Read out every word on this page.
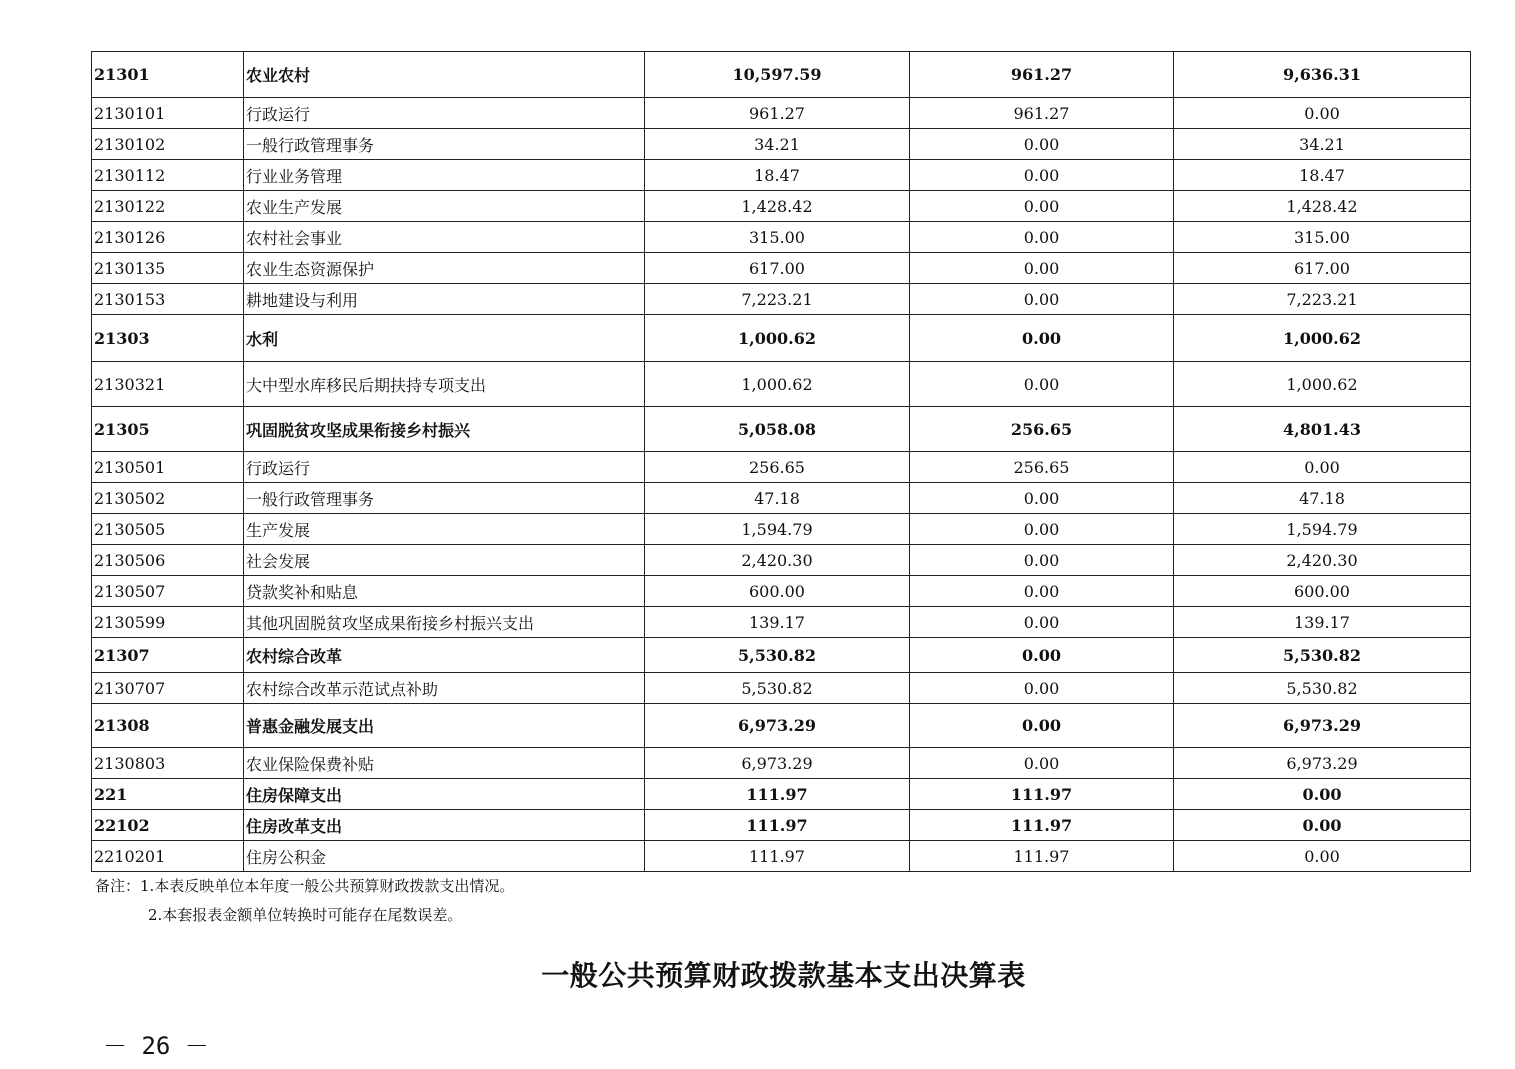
21301	农业农村	10,597.59	961.27	9,636.31
2130101	行政运行	961.27	961.27	0.00
2130102	一般行政管理事务	34.21	0.00	34.21
2130112	行业业务管理	18.47	0.00	18.47
2130122	农业生产发展	1,428.42	0.00	1,428.42
2130126	农村社会事业	315.00	0.00	315.00
2130135	农业生态资源保护	617.00	0.00	617.00
2130153	耕地建设与利用	7,223.21	0.00	7,223.21
21303	水利	1,000.62	0.00	1,000.62
2130321	大中型水库移民后期扶持专项支出	1,000.62	0.00	1,000.62
21305	巩固脱贫攻坚成果衔接乡村振兴	5,058.08	256.65	4,801.43
2130501	行政运行	256.65	256.65	0.00
2130502	一般行政管理事务	47.18	0.00	47.18
2130505	生产发展	1,594.79	0.00	1,594.79
2130506	社会发展	2,420.30	0.00	2,420.30
2130507	贷款奖补和贴息	600.00	0.00	600.00
2130599	其他巩固脱贫攻坚成果衔接乡村振兴支出	139.17	0.00	139.17
21307	农村综合改革	5,530.82	0.00	5,530.82
2130707	农村综合改革示范试点补助	5,530.82	0.00	5,530.82
21308	普惠金融发展支出	6,973.29	0.00	6,973.29
2130803	农业保险保费补贴	6,973.29	0.00	6,973.29
221	住房保障支出	111.97	111.97	0.00
22102	住房改革支出	111.97	111.97	0.00
2210201	住房公积金	111.97	111.97	0.00
备注：1.本表反映单位本年度一般公共预算财政拨款支出情况。
2.本套报表金额单位转换时可能存在尾数误差。
一般公共预算财政拨款基本支出决算表
－ 26 －
